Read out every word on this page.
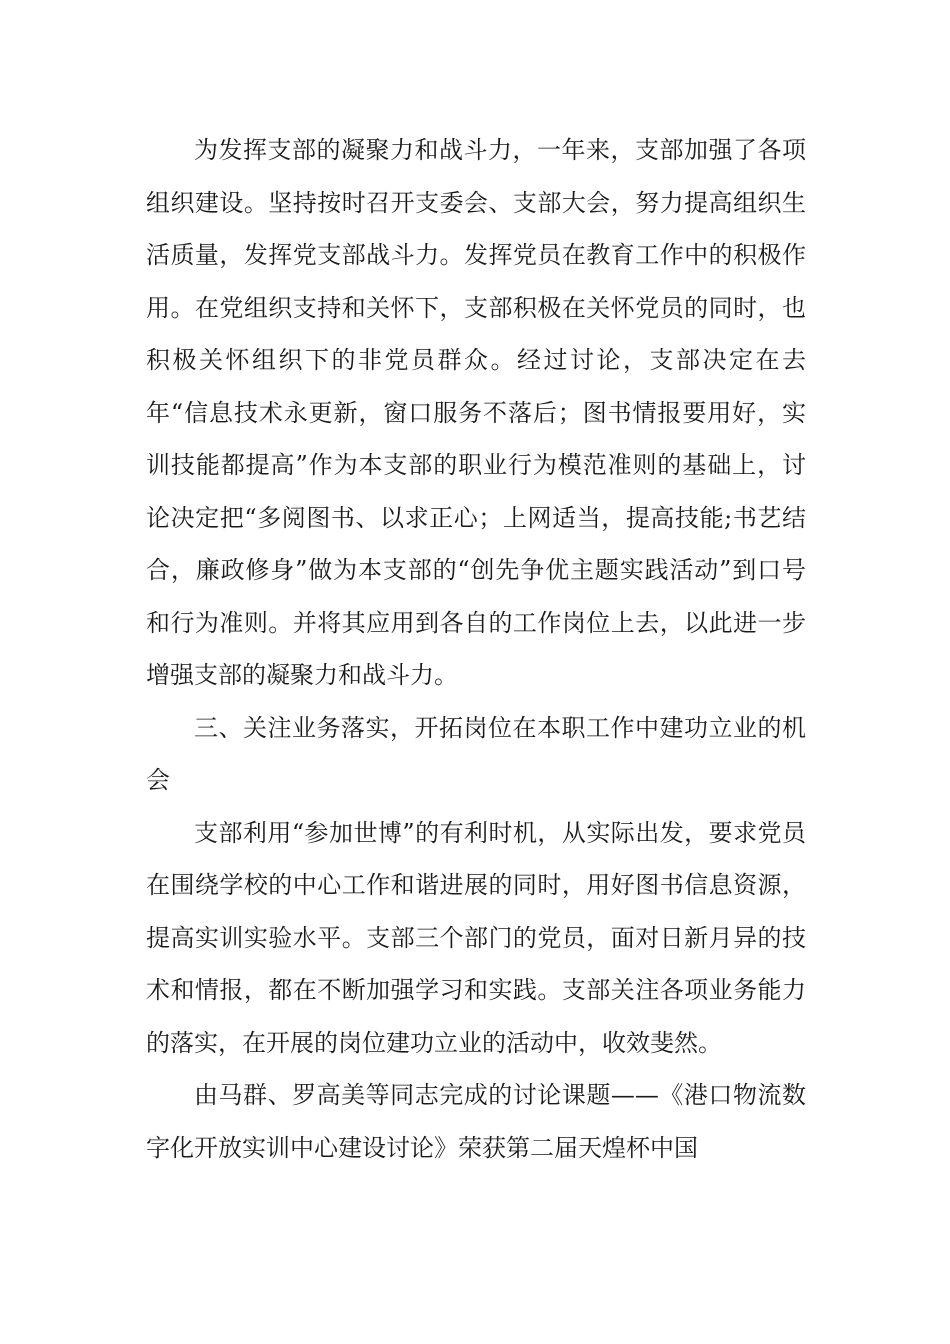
为发挥支部的凝聚力和战斗力，一年来，支部加强了各项组织建设。坚持按时召开支委会、支部大会，努力提高组织生活质量，发挥党支部战斗力。发挥党员在教育工作中的积极作用。在党组织支持和关怀下，支部积极在关怀党员的同时，也积极关怀组织下的非党员群众。经过讨论，支部决定在去年“信息技术永更新，窗口服务不落后；图书情报要用好，实训技能都提高”作为本支部的职业行为模范准则的基础上，讨论决定把“多阅图书、以求正心；上网适当，提高技能;书艺结合，廉政修身”做为本支部的“创先争优主题实践活动”到口号和行为准则。并将其应用到各自的工作岗位上去，以此进一步增强支部的凝聚力和战斗力。

三、关注业务落实，开拓岗位在本职工作中建功立业的机会

支部利用“参加世博”的有利时机，从实际出发，要求党员在围绕学校的中心工作和谐进展的同时，用好图书信息资源，提高实训实验水平。支部三个部门的党员，面对日新月异的技术和情报，都在不断加强学习和实践。支部关注各项业务能力的落实，在开展的岗位建功立业的活动中，收效斐然。

由马群、罗高美等同志完成的讨论课题——《港口物流数字化开放实训中心建设讨论》荣获第二届天煌杯中国
